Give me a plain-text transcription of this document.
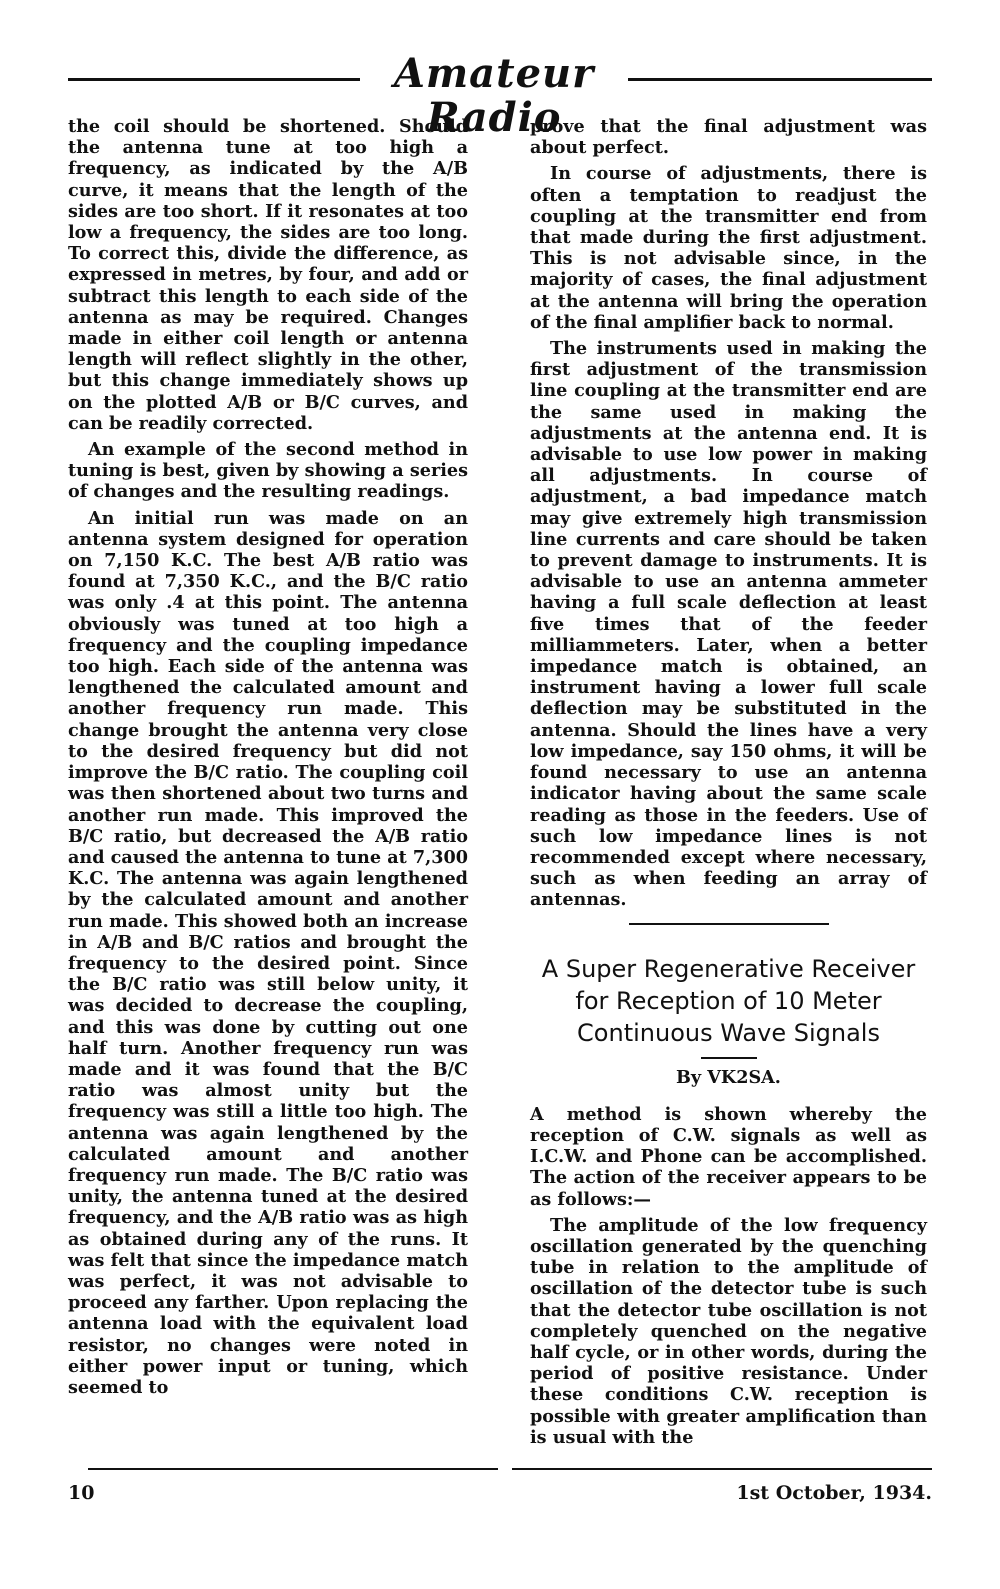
Amateur Radio

the coil should be shortened. Should the antenna tune at too high a frequency, as indicated by the A/B curve, it means that the length of the sides are too short. If it resonates at too low a frequency, the sides are too long. To correct this, divide the difference, as expressed in metres, by four, and add or subtract this length to each side of the antenna as may be required. Changes made in either coil length or antenna length will reflect slightly in the other, but this change immediately shows up on the plotted A/B or B/C curves, and can be readily corrected.

An example of the second method in tuning is best, given by showing a series of changes and the resulting readings.

An initial run was made on an antenna system designed for operation on 7,150 K.C. The best A/B ratio was found at 7,350 K.C., and the B/C ratio was only .4 at this point. The antenna obviously was tuned at too high a frequency and the coupling impedance too high. Each side of the antenna was lengthened the calculated amount and another frequency run made. This change brought the antenna very close to the desired frequency but did not improve the B/C ratio. The coupling coil was then shortened about two turns and another run made. This improved the B/C ratio, but decreased the A/B ratio and caused the antenna to tune at 7,300 K.C. The antenna was again lengthened by the calculated amount and another run made. This showed both an increase in A/B and B/C ratios and brought the frequency to the desired point. Since the B/C ratio was still below unity, it was decided to decrease the coupling, and this was done by cutting out one half turn. Another frequency run was made and it was found that the B/C ratio was almost unity but the frequency was still a little too high. The antenna was again lengthened by the calculated amount and another frequency run made. The B/C ratio was unity, the antenna tuned at the desired frequency, and the A/B ratio was as high as obtained during any of the runs. It was felt that since the impedance match was perfect, it was not advisable to proceed any farther. Upon replacing the antenna load with the equivalent load resistor, no changes were noted in either power input or tuning, which seemed to

prove that the final adjustment was about perfect.

In course of adjustments, there is often a temptation to readjust the coupling at the transmitter end from that made during the first adjustment. This is not advisable since, in the majority of cases, the final adjustment at the antenna will bring the operation of the final amplifier back to normal.

The instruments used in making the first adjustment of the transmission line coupling at the transmitter end are the same used in making the adjustments at the antenna end. It is advisable to use low power in making all adjustments. In course of adjustment, a bad impedance match may give extremely high transmission line currents and care should be taken to prevent damage to instruments. It is advisable to use an antenna ammeter having a full scale deflection at least five times that of the feeder milliammeters. Later, when a better impedance match is obtained, an instrument having a lower full scale deflection may be substituted in the antenna. Should the lines have a very low impedance, say 150 ohms, it will be found necessary to use an antenna indicator having about the same scale reading as those in the feeders. Use of such low impedance lines is not recommended except where necessary, such as when feeding an array of antennas.

A Super Regenerative Receiver for Reception of 10 Meter Continuous Wave Signals
By VK2SA.

A method is shown whereby the reception of C.W. signals as well as I.C.W. and Phone can be accomplished. The action of the receiver appears to be as follows:—

The amplitude of the low frequency oscillation generated by the quenching tube in relation to the amplitude of oscillation of the detector tube is such that the detector tube oscillation is not completely quenched on the negative half cycle, or in other words, during the period of positive resistance. Under these conditions C.W. reception is possible with greater amplification than is usual with the

10	1st October, 1934.
